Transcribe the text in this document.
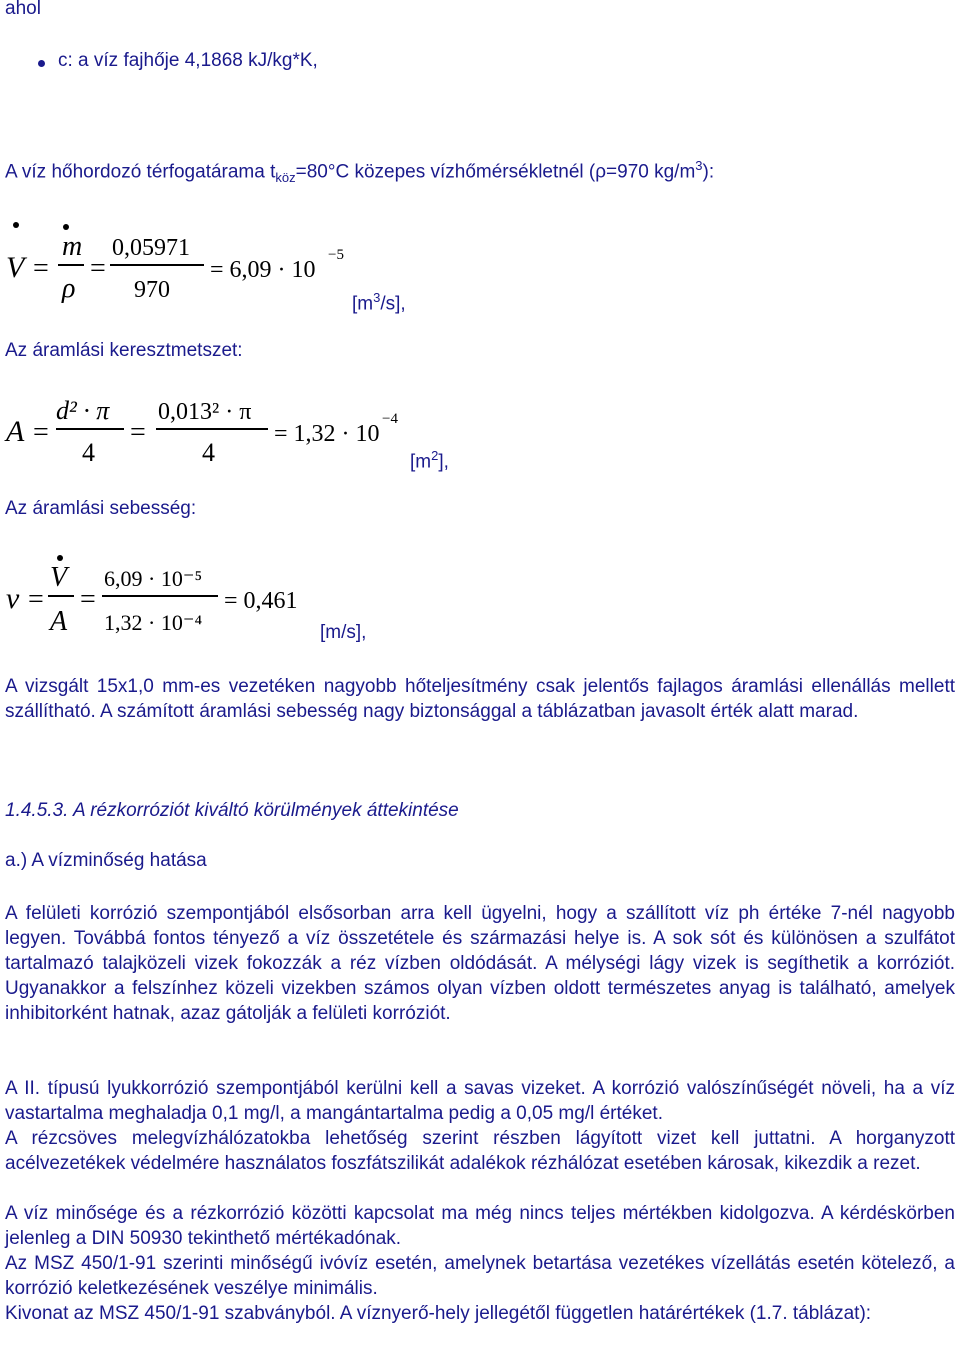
ahol
c: a víz fajhője 4,1868 kJ/kg*K,
A víz hőhordozó térfogatárama $t_{köz}=80^\circ C$ közepes vízhőmérsékletnél (ρ=970 $kg/m^3$):
V =
m
ρ
=
0,05971
970
= 6,09 · 10
−5
$[m^3/s]$,
Az áramlási keresztmetszet:
A =
d² · π
4
=
0,013² · π
4
= 1,32 · 10
−4
$[m^2]$,
Az áramlási sebesség:
v =
V
A
=
6,09 · 10⁻⁵
1,32 · 10⁻⁴
= 0,461
[m/s],
A vizsgált 15x1,0 mm-es vezetéken nagyobb hőteljesítmény csak jelentős fajlagos áramlási ellenállás mellett szállítható. A számított áramlási sebesség nagy biztonsággal a táblázatban javasolt érték alatt marad.
1.4.5.3. A rézkorróziót kiváltó körülmények áttekintése
a.) A vízminőség hatása
A felületi korrózió szempontjából elsősorban arra kell ügyelni, hogy a szállított víz ph értéke 7-nél nagyobb legyen. Továbbá fontos tényező a víz összetétele és származási helye is. A sok sót és különösen a szulfátot tartalmazó talajközeli vizek fokozzák a réz vízben oldódását. A mélységi lágy vizek is segíthetik a korróziót. Ugyanakkor a felszínhez közeli vizekben számos olyan vízben oldott természetes anyag is található, amelyek inhibitorként hatnak, azaz gátolják a felületi korróziót.
A II. típusú lyukkorrózió szempontjából kerülni kell a savas vizeket. A korrózió valószínűségét növeli, ha a víz vastartalma meghaladja 0,1 mg/l, a mangántartalma pedig a 0,05 mg/l értéket.
A rézcsöves melegvízhálózatokba lehetőség szerint részben lágyított vizet kell juttatni. A horganyzott acélvezetékek védelmére használatos foszfátszilikát adalékok rézhálózat esetében károsak, kikezdik a rezet.
A víz minősége és a rézkorrózió közötti kapcsolat ma még nincs teljes mértékben kidolgozva. A kérdéskörben jelenleg a DIN 50930 tekinthető mértékadónak.
Az MSZ 450/1-91 szerinti minőségű ivóvíz esetén, amelynek betartása vezetékes vízellátás esetén kötelező, a korrózió keletkezésének veszélye minimális.
Kivonat az MSZ 450/1-91 szabványból. A víznyerő-hely jellegétől független határértékek (1.7. táblázat):
